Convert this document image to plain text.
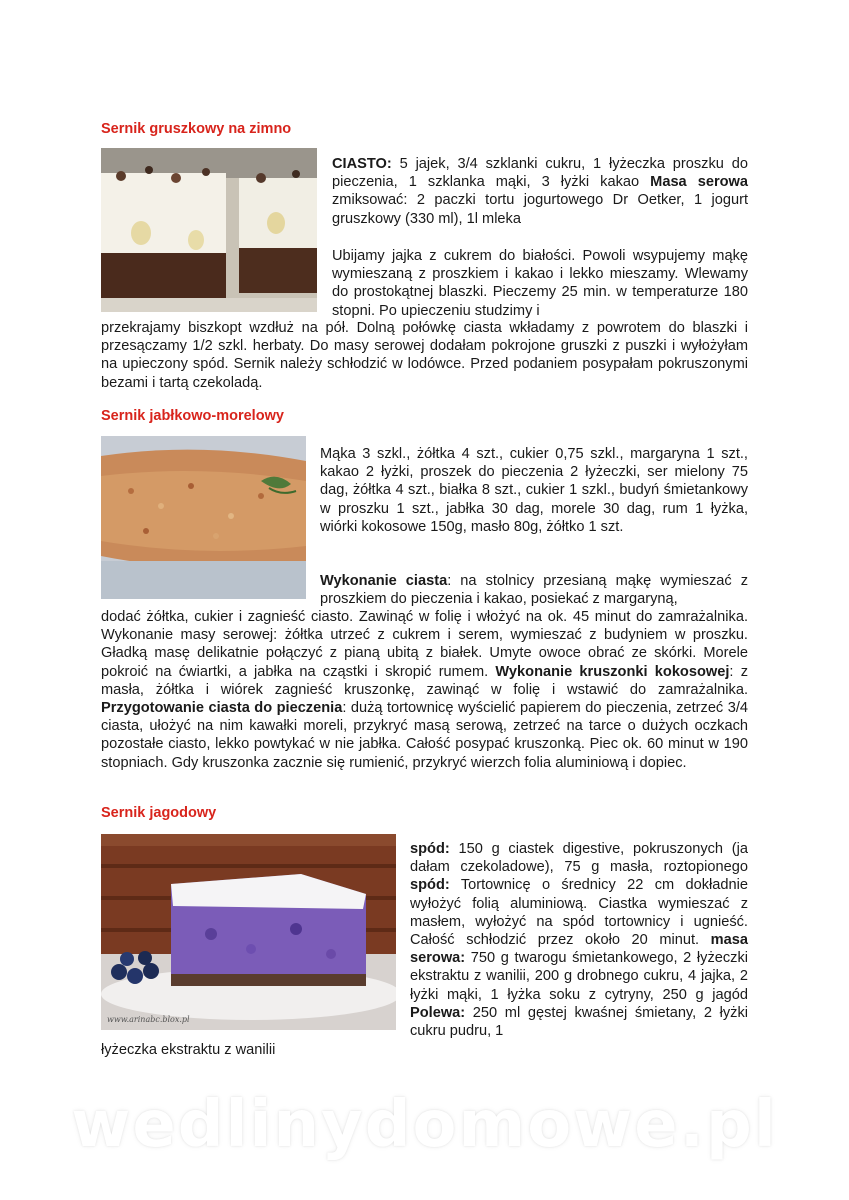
Sernik gruszkowy na zimno

CIASTO: 5 jajek, 3/4 szklanki cukru, 1 łyżeczka proszku do pieczenia, 1 szklanka mąki, 3 łyżki kakao Masa serowa zmiksować: 2 paczki tortu jogurtowego Dr Oetker, 1 jogurt gruszkowy (330 ml), 1l mleka

Ubijamy jajka z cukrem do białości. Powoli wsypujemy mąkę wymieszaną z proszkiem i kakao i lekko mieszamy. Wlewamy do prostokątnej blaszki. Pieczemy 25 min. w temperaturze 180 stopni. Po upieczeniu studzimy i

przekrajamy biszkopt wzdłuż na pół. Dolną połówkę ciasta wkładamy z powrotem do blaszki i przesączamy 1/2 szkl. herbaty. Do masy serowej dodałam pokrojone gruszki z puszki i wyłożyłam na upieczony spód. Sernik należy schłodzić w lodówce. Przed podaniem posypałam pokruszonymi bezami i tartą czekoladą.

Sernik jabłkowo-morelowy

Mąka 3 szkl., żółtka 4 szt., cukier 0,75 szkl., margaryna 1 szt., kakao 2 łyżki, proszek do pieczenia 2 łyżeczki, ser mielony 75 dag, żółtka 4 szt., białka 8 szt., cukier 1 szkl., budyń śmietankowy w proszku 1 szt., jabłka 30 dag, morele 30 dag, rum 1 łyżka, wiórki kokosowe 150g, masło 80g, żółtko 1 szt.

Wykonanie ciasta: na stolnicy przesianą mąkę wymieszać z proszkiem do pieczenia i kakao, posiekać z margaryną,

dodać żółtka, cukier i zagnieść ciasto. Zawinąć w folię i włożyć na ok. 45 minut do zamrażalnika. Wykonanie masy serowej: żółtka utrzeć z cukrem i serem, wymieszać z budyniem w proszku. Gładką masę delikatnie połączyć z pianą ubitą z białek. Umyte owoce obrać ze skórki. Morele pokroić na ćwiartki, a jabłka na cząstki i skropić rumem. Wykonanie kruszonki kokosowej: z masła, żółtka i wiórek zagnieść kruszonkę, zawinąć w folię i wstawić do zamrażalnika. Przygotowanie ciasta do pieczenia: dużą tortownicę wyścielić papierem do pieczenia, zetrzeć 3/4 ciasta, ułożyć na nim kawałki moreli, przykryć masą serową, zetrzeć na tarce o dużych oczkach pozostałe ciasto, lekko powtykać w nie jabłka. Całość posypać kruszonką. Piec ok. 60 minut w 190 stopniach. Gdy kruszonka zacznie się rumienić, przykryć wierzch folia aluminiową i dopiec.

Sernik jagodowy
www.arinabc.blox.pl

spód: 150 g ciastek digestive, pokruszonych (ja dałam czekoladowe), 75 g masła, roztopionego spód: Tortownicę o średnicy 22 cm dokładnie wyłożyć folią aluminiową. Ciastka wymieszać z masłem, wyłożyć na spód tortownicy i ugnieść. Całość schłodzić przez około 20 minut. masa serowa: 750 g twarogu śmietankowego, 2 łyżeczki ekstraktu z wanilii, 200 g drobnego cukru, 4 jajka, 2 łyżki mąki, 1 łyżka soku z cytryny, 250 g jagód Polewa: 250 ml gęstej kwaśnej śmietany, 2 łyżki cukru pudru, 1

łyżeczka ekstraktu z wanilii

wedlinydomowe.pl
